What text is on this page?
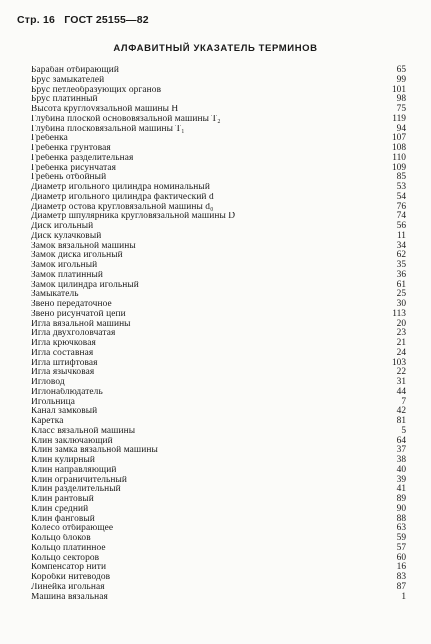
Стр. 16 ГОСТ 25155—82
АЛФАВИТНЫЙ УКАЗАТЕЛЬ ТЕРМИНОВ
Барабан отбирающий	65
Брус замыкателей	99
Брус петлеобразующих органов	101
Брус платинный	98
Высота круглovязальной машины H	75
Глубина плоской основовязальной машины T₂	119
Глубина плосковязальной машины T₁	94
Гребенка	107
Гребенка грунтовая	108
Гребенка разделительная	110
Гребенка рисунчатая	109
Гребень отбойный	85
Диаметр игольного цилиндра номинальный	53
Диаметр игольного цилиндра фактический d	54
Диаметр остова кругловязальной машины d₀	76
Диаметр шпулярника кругловязальной машины D	74
Диск игольный	56
Диск кулачковый	11
Замок вязальной машины	34
Замок диска игольный	62
Замок игольный	35
Замок платинный	36
Замок цилиндра игольный	61
Замыкатель	25
Звено передаточное	30
Звено рисунчатой цепи	113
Игла вязальной машины	20
Игла двухголовчатая	23
Игла крючковая	21
Игла составная	24
Игла штифтовая	103
Игла язычковая	22
Игловод	31
Иглонаблюдатель	44
Игольница	7
Канал замковый	42
Каретка	81
Класс вязальной машины	5
Клин заключающий	64
Клин замка вязальной машины	37
Клин кулирный	38
Клин направляющий	40
Клин ограничительный	39
Клин разделительный	41
Клин рантовый	89
Клин средний	90
Клин фанговый	88
Колесо отбирающее	63
Кольцо блоков	59
Кольцо платинное	57
Кольцо секторов	60
Компенсатор нити	16
Коробки нитеводов	83
Линейка игольная	87
Машина вязальная	1
